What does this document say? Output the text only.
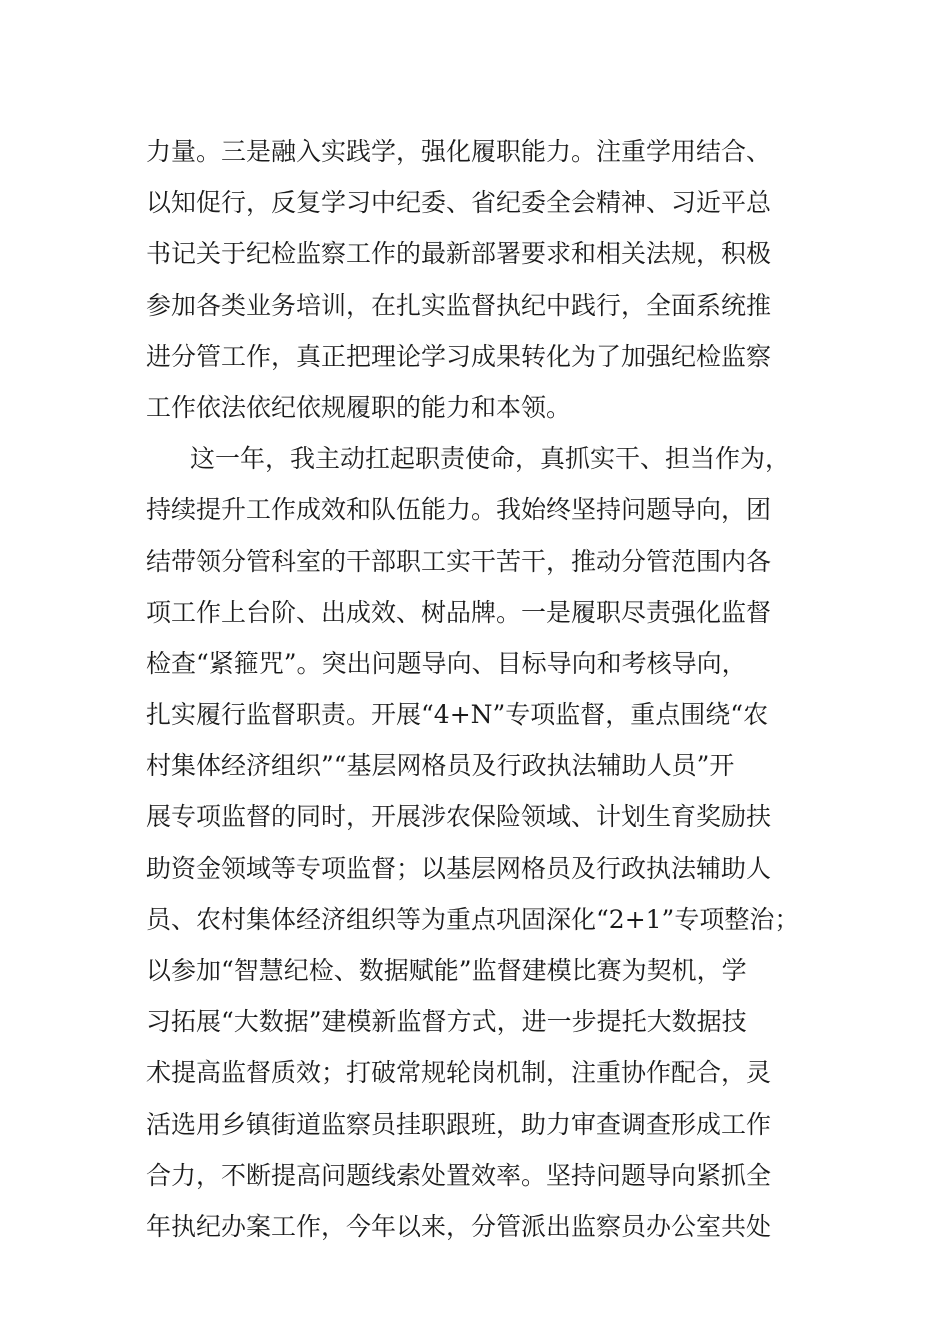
力量。三是融入实践学，强化履职能力。注重学用结合、
以知促行，反复学习中纪委、省纪委全会精神、习近平总
书记关于纪检监察工作的最新部署要求和相关法规，积极
参加各类业务培训，在扎实监督执纪中践行，全面系统推
进分管工作，真正把理论学习成果转化为了加强纪检监察
工作依法依纪依规履职的能力和本领。
这一年，我主动扛起职责使命，真抓实干、担当作为，
持续提升工作成效和队伍能力。我始终坚持问题导向，团
结带领分管科室的干部职工实干苦干，推动分管范围内各
项工作上台阶、出成效、树品牌。一是履职尽责强化监督
检查“紧箍咒”。突出问题导向、目标导向和考核导向，
扎实履行监督职责。开展“4+N”专项监督，重点围绕“农
村集体经济组织”“基层网格员及行政执法辅助人员”开
展专项监督的同时，开展涉农保险领域、计划生育奖励扶
助资金领域等专项监督；以基层网格员及行政执法辅助人
员、农村集体经济组织等为重点巩固深化“2+1”专项整治；
以参加“智慧纪检、数据赋能”监督建模比赛为契机，学
习拓展“大数据”建模新监督方式，进一步提托大数据技
术提高监督质效；打破常规轮岗机制，注重协作配合，灵
活选用乡镇街道监察员挂职跟班，助力审查调查形成工作
合力，不断提高问题线索处置效率。坚持问题导向紧抓全
年执纪办案工作，今年以来，分管派出监察员办公室共处
